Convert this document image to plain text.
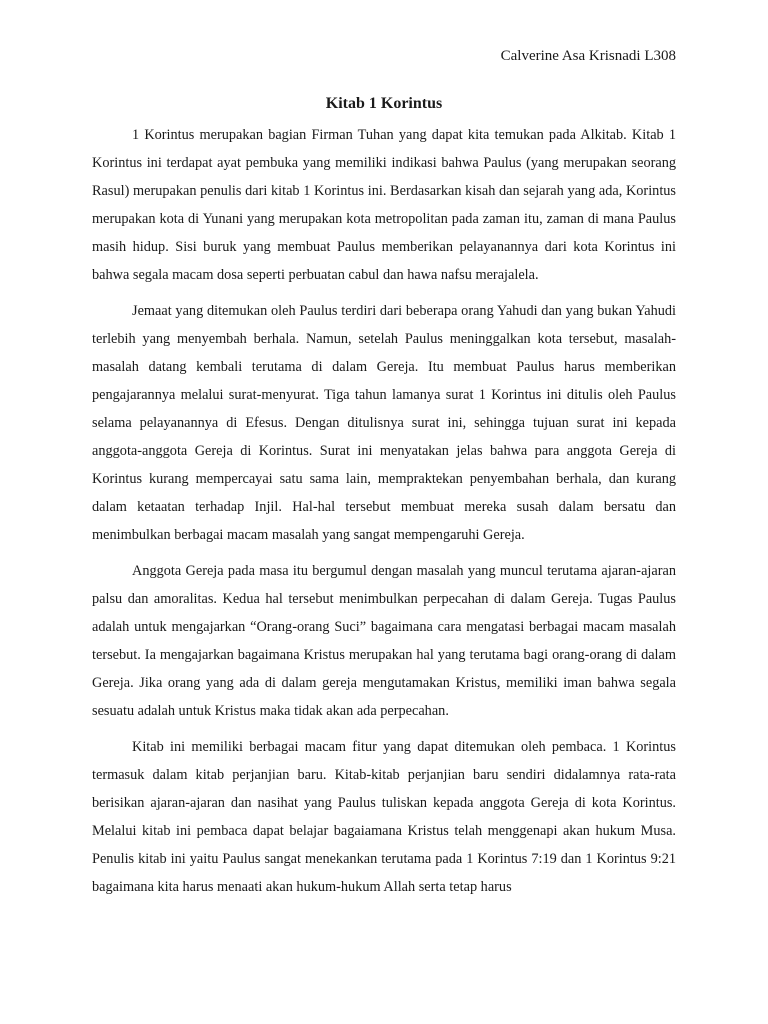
Calverine Asa Krisnadi L308
Kitab 1 Korintus

1 Korintus merupakan bagian Firman Tuhan yang dapat kita temukan pada Alkitab. Kitab 1 Korintus ini terdapat ayat pembuka yang memiliki indikasi bahwa Paulus (yang merupakan seorang Rasul) merupakan penulis dari kitab 1 Korintus ini. Berdasarkan kisah dan sejarah yang ada, Korintus merupakan kota di Yunani yang merupakan kota metropolitan pada zaman itu, zaman di mana Paulus masih hidup. Sisi buruk yang membuat Paulus memberikan pelayanannya dari kota Korintus ini bahwa segala macam dosa seperti perbuatan cabul dan hawa nafsu merajalela.

Jemaat yang ditemukan oleh Paulus terdiri dari beberapa orang Yahudi dan yang bukan Yahudi terlebih yang menyembah berhala. Namun, setelah Paulus meninggalkan kota tersebut, masalah-masalah datang kembali terutama di dalam Gereja. Itu membuat Paulus harus memberikan pengajarannya melalui surat-menyurat. Tiga tahun lamanya surat 1 Korintus ini ditulis oleh Paulus selama pelayanannya di Efesus. Dengan ditulisnya surat ini, sehingga tujuan surat ini kepada anggota-anggota Gereja di Korintus. Surat ini menyatakan jelas bahwa para anggota Gereja di Korintus kurang mempercayai satu sama lain, mempraktekan penyembahan berhala, dan kurang dalam ketaatan terhadap Injil. Hal-hal tersebut membuat mereka susah dalam bersatu dan menimbulkan berbagai macam masalah yang sangat mempengaruhi Gereja.

Anggota Gereja pada masa itu bergumul dengan masalah yang muncul terutama ajaran-ajaran palsu dan amoralitas. Kedua hal tersebut menimbulkan perpecahan di dalam Gereja. Tugas Paulus adalah untuk mengajarkan “Orang-orang Suci” bagaimana cara mengatasi berbagai macam masalah tersebut. Ia mengajarkan bagaimana Kristus merupakan hal yang terutama bagi orang-orang di dalam Gereja. Jika orang yang ada di dalam gereja mengutamakan Kristus, memiliki iman bahwa segala sesuatu adalah untuk Kristus maka tidak akan ada perpecahan.

Kitab ini memiliki berbagai macam fitur yang dapat ditemukan oleh pembaca. 1 Korintus termasuk dalam kitab perjanjian baru. Kitab-kitab perjanjian baru sendiri didalamnya rata-rata berisikan ajaran-ajaran dan nasihat yang Paulus tuliskan kepada anggota Gereja di kota Korintus. Melalui kitab ini pembaca dapat belajar bagaiamana Kristus telah menggenapi akan hukum Musa. Penulis kitab ini yaitu Paulus sangat menekankan terutama pada 1 Korintus 7:19 dan 1 Korintus 9:21 bagaimana kita harus menaati akan hukum-hukum Allah serta tetap harus
